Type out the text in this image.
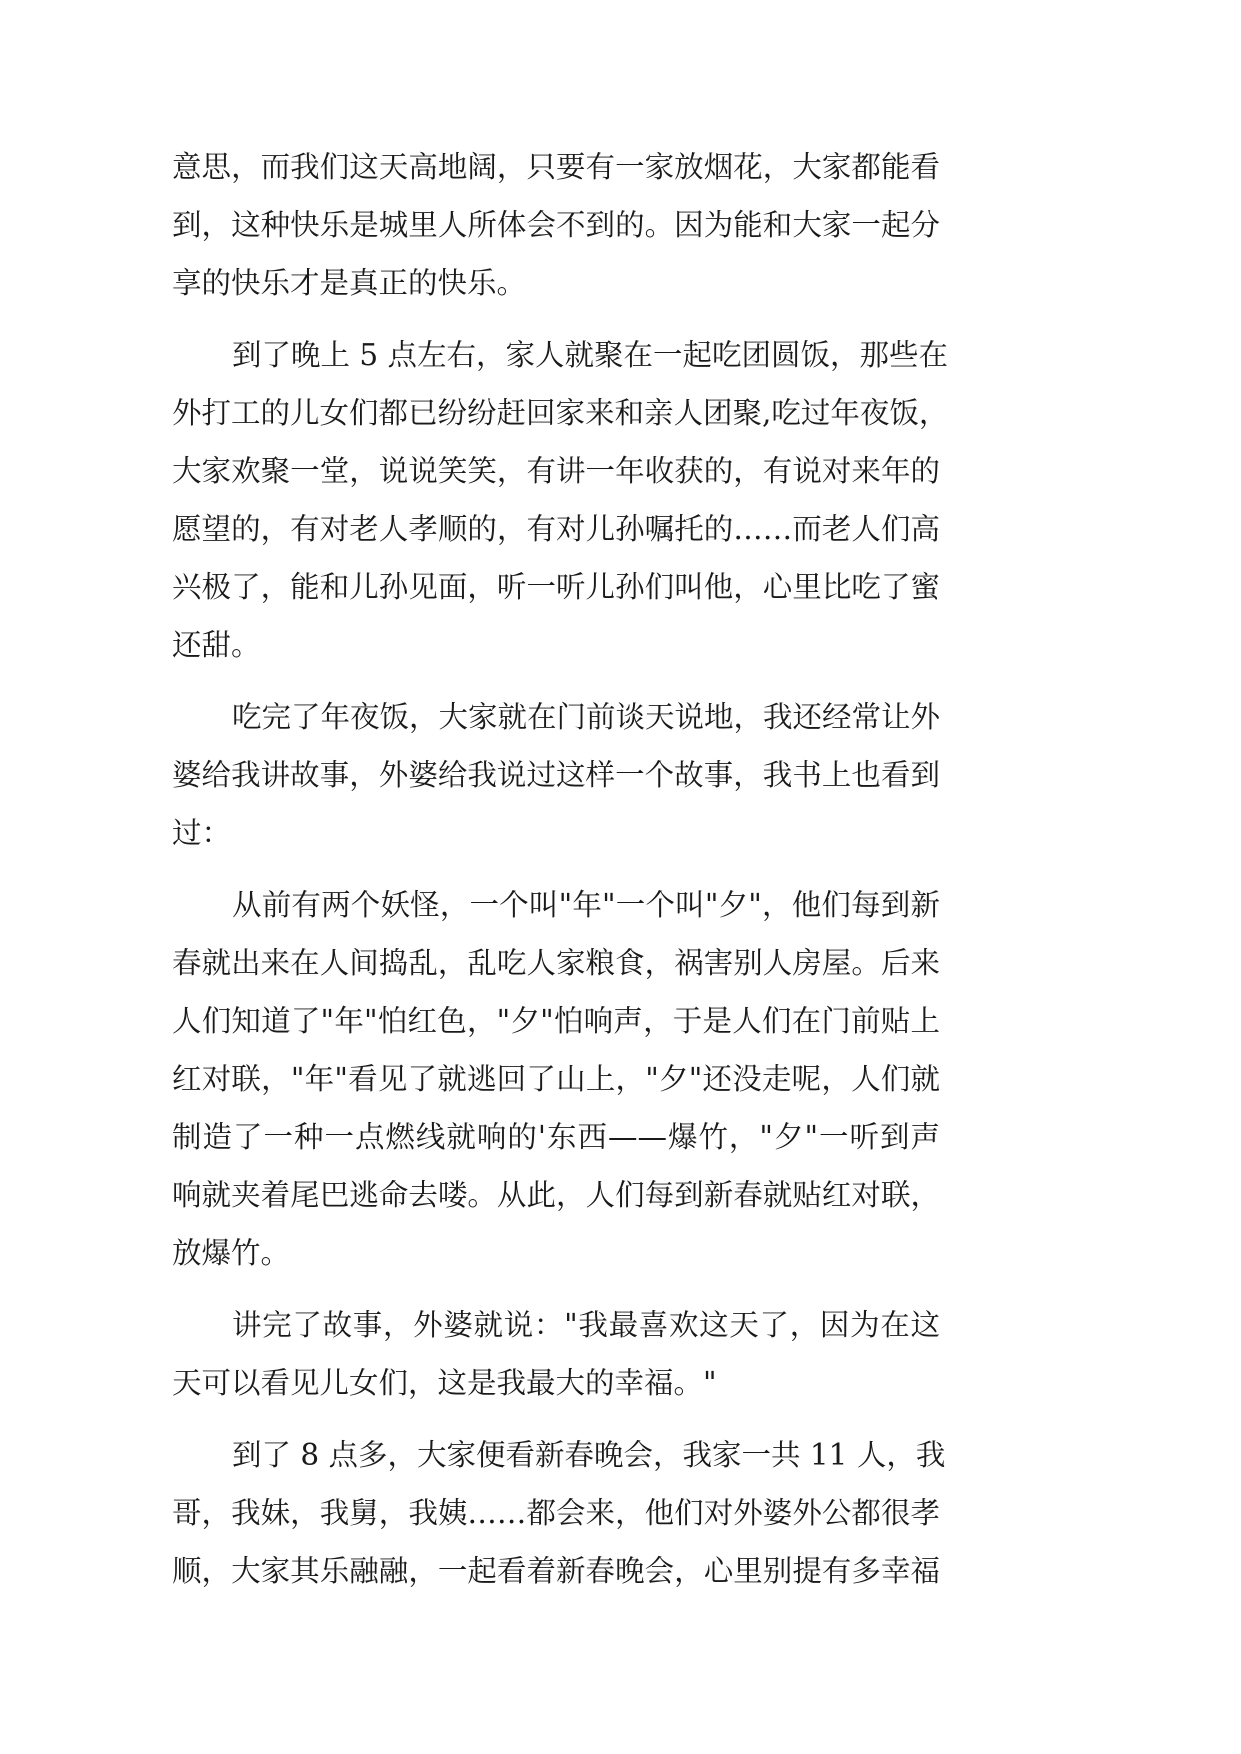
意思，而我们这天高地阔，只要有一家放烟花，大家都能看
到，这种快乐是城里人所体会不到的。因为能和大家一起分
享的快乐才是真正的快乐。

到了晚上 5 点左右，家人就聚在一起吃团圆饭，那些在
外打工的儿女们都已纷纷赶回家来和亲人团聚,吃过年夜饭，
大家欢聚一堂，说说笑笑，有讲一年收获的，有说对来年的
愿望的，有对老人孝顺的，有对儿孙嘱托的……而老人们高
兴极了，能和儿孙见面，听一听儿孙们叫他，心里比吃了蜜
还甜。

吃完了年夜饭，大家就在门前谈天说地，我还经常让外
婆给我讲故事，外婆给我说过这样一个故事，我书上也看到
过：

从前有两个妖怪，一个叫"年"一个叫"夕"，他们每到新
春就出来在人间捣乱，乱吃人家粮食，祸害别人房屋。后来
人们知道了"年"怕红色，"夕"怕响声，于是人们在门前贴上
红对联，"年"看见了就逃回了山上，"夕"还没走呢，人们就
制造了一种一点燃线就响的'东西——爆竹，"夕"一听到声
响就夹着尾巴逃命去喽。从此，人们每到新春就贴红对联，
放爆竹。

讲完了故事，外婆就说："我最喜欢这天了，因为在这
天可以看见儿女们，这是我最大的幸福。"

到了 8 点多，大家便看新春晚会，我家一共 11 人，我
哥，我妹，我舅，我姨……都会来，他们对外婆外公都很孝
顺，大家其乐融融，一起看着新春晚会，心里别提有多幸福
